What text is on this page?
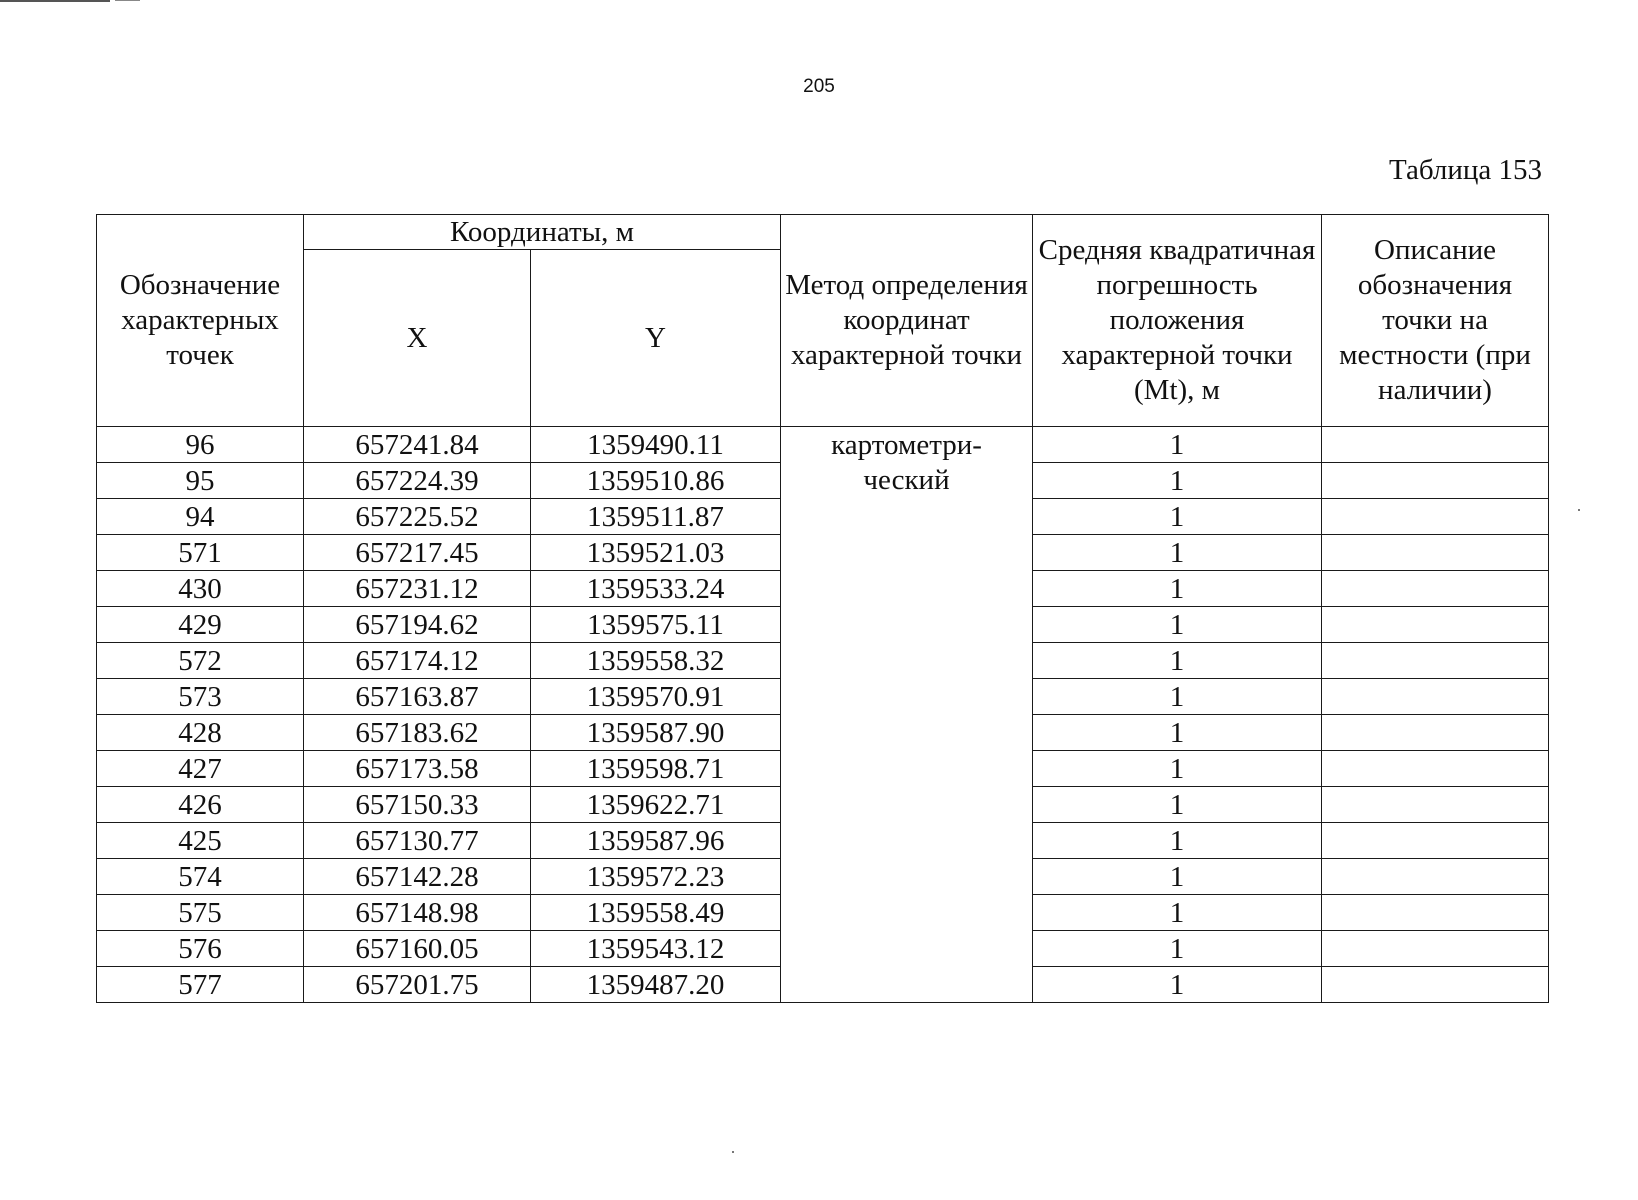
205
Таблица 153
Обозначение характерных точек	Координаты, м		Метод определения координат характерной точки	Средняя квадратичная погрешность положения характерной точки (Mt), м	Описание обозначения точки на местности (при наличии)
	X	Y			
96	657241.84	1359490.11	картометри-ческий	1	
95	657224.39	1359510.86		1	
94	657225.52	1359511.87		1	
571	657217.45	1359521.03		1	
430	657231.12	1359533.24		1	
429	657194.62	1359575.11		1	
572	657174.12	1359558.32		1	
573	657163.87	1359570.91		1	
428	657183.62	1359587.90		1	
427	657173.58	1359598.71		1	
426	657150.33	1359622.71		1	
425	657130.77	1359587.96		1	
574	657142.28	1359572.23		1	
575	657148.98	1359558.49		1	
576	657160.05	1359543.12		1	
577	657201.75	1359487.20		1	
